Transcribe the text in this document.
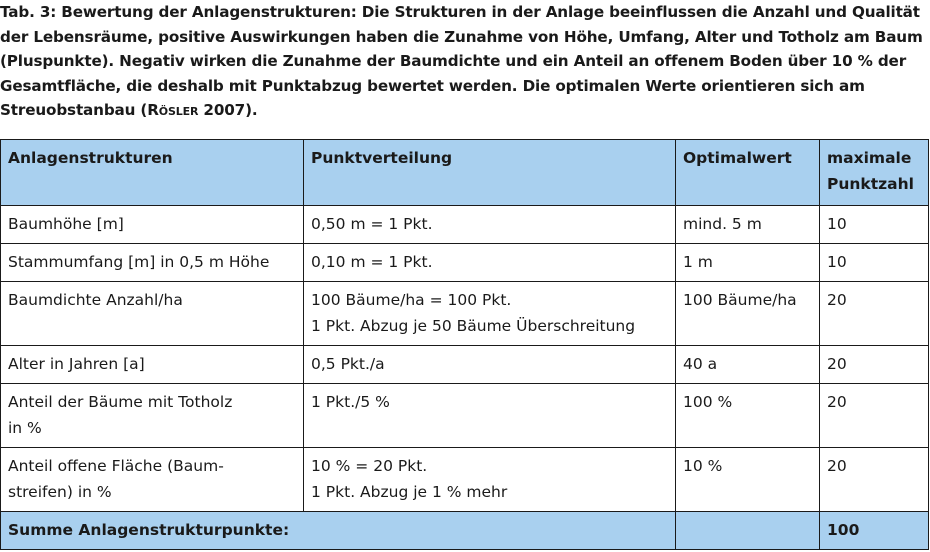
Tab. 3: Bewertung der Anlagenstrukturen: Die Strukturen in der Anlage beeinflussen die Anzahl und Qualität der Lebensräume, positive Auswirkungen haben die Zunahme von Höhe, Umfang, Alter und Totholz am Baum (Pluspunkte). Negativ wirken die Zunahme der Baumdichte und ein Anteil an offenem Boden über 10 % der Gesamtfläche, die deshalb mit Punktabzug bewertet werden. Die optimalen Werte orientieren sich am Streuobstanbau (Rösler 2007).
Anlagenstrukturen	Punktverteilung	Optimalwert	maximale
Punktzahl

Baumhöhe [m]	0,50 m = 1 Pkt.	mind. 5 m	10

Stammumfang [m] in 0,5 m Höhe	0,10 m = 1 Pkt.	1 m	10

Baumdichte Anzahl/ha	100 Bäume/ha = 100 Pkt.
1 Pkt. Abzug je 50 Bäume Überschreitung	100 Bäume/ha	20

Alter in Jahren [a]	0,5 Pkt./a	40 a	20

Anteil der Bäume mit Totholz
in %	1 Pkt./5 %	100 %	20

Anteil offene Fläche (Baum-
streifen) in %	10 % = 20 Pkt.
1 Pkt. Abzug je 1 % mehr	10 %	20
Summe Anlagenstrukturpunkte:			100
